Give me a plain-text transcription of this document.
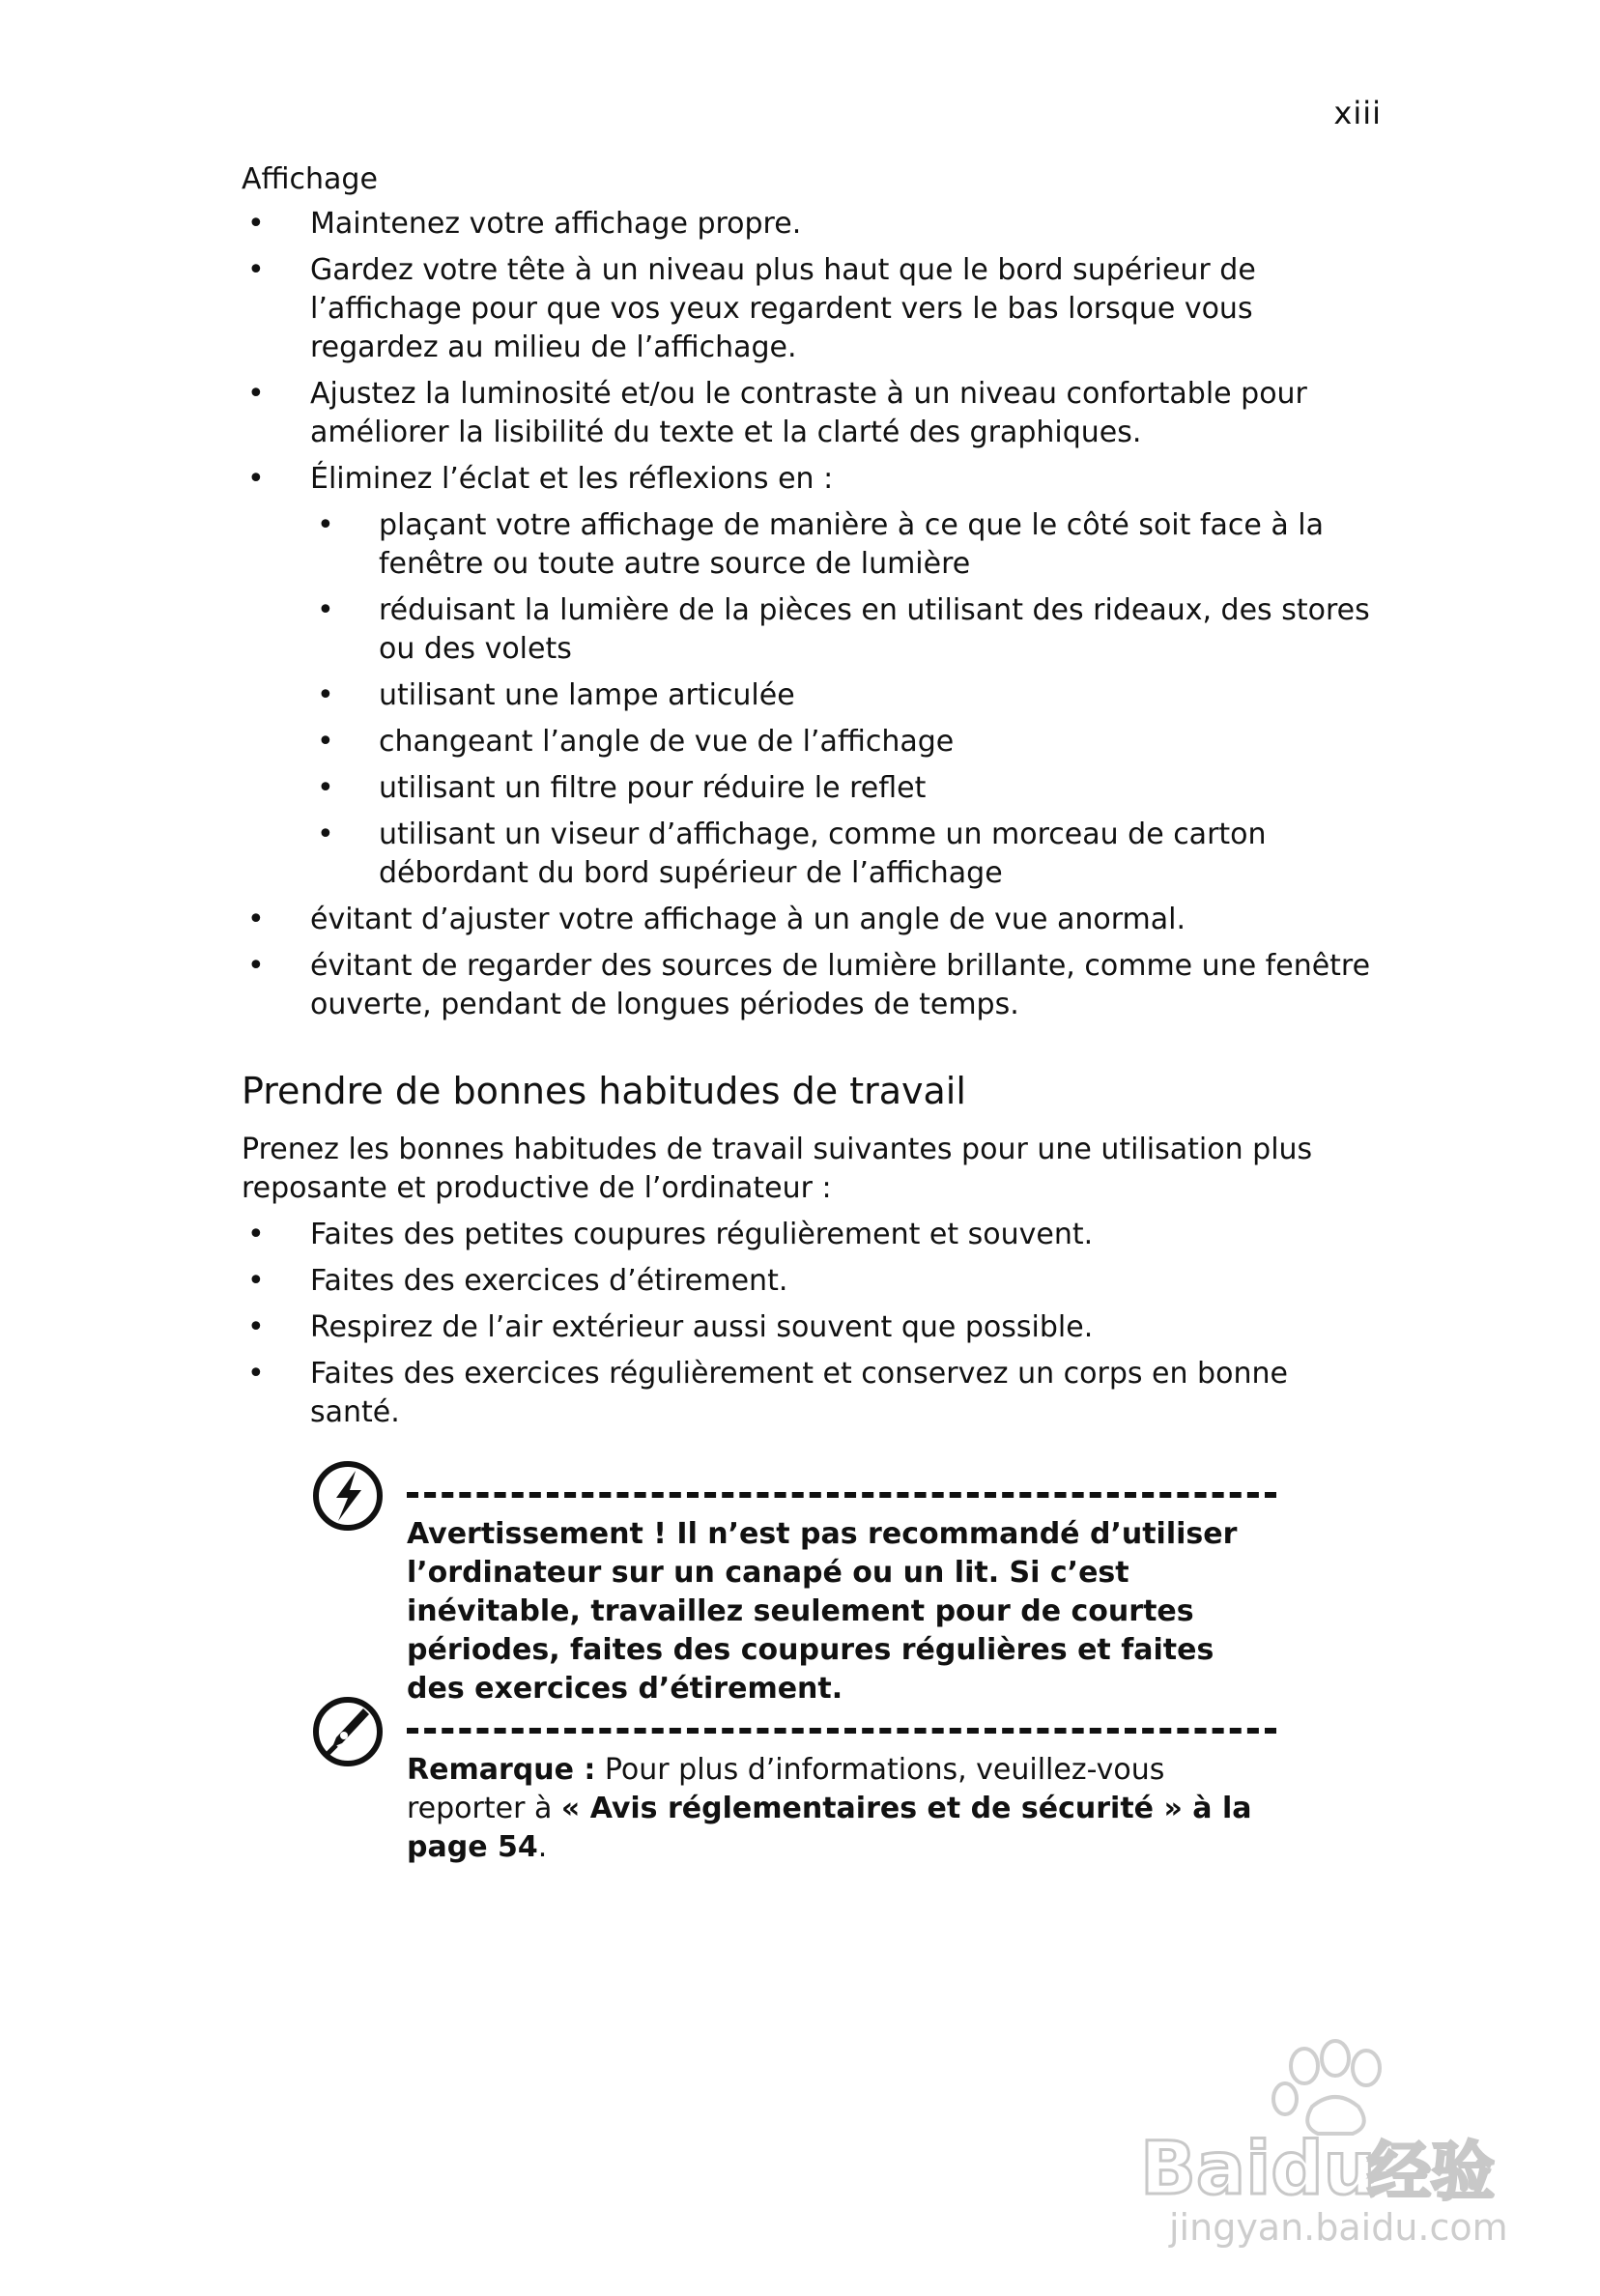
xiii
Affichage
• Maintenez votre affichage propre.
• Gardez votre tête à un niveau plus haut que le bord supérieur de l’affichage pour que vos yeux regardent vers le bas lorsque vous regardez au milieu de l’affichage.
• Ajustez la luminosité et/ou le contraste à un niveau confortable pour améliorer la lisibilité du texte et la clarté des graphiques.
• Éliminez l’éclat et les réflexions en :
• plaçant votre affichage de manière à ce que le côté soit face à la fenêtre ou toute autre source de lumière
• réduisant la lumière de la pièces en utilisant des rideaux, des stores ou des volets
• utilisant une lampe articulée
• changeant l’angle de vue de l’affichage
• utilisant un filtre pour réduire le reflet
• utilisant un viseur d’affichage, comme un morceau de carton débordant du bord supérieur de l’affichage
• évitant d’ajuster votre affichage à un angle de vue anormal.
• évitant de regarder des sources de lumière brillante, comme une fenêtre ouverte, pendant de longues périodes de temps.
Prendre de bonnes habitudes de travail
Prenez les bonnes habitudes de travail suivantes pour une utilisation plus reposante et productive de l’ordinateur :
• Faites des petites coupures régulièrement et souvent.
• Faites des exercices d’étirement.
• Respirez de l’air extérieur aussi souvent que possible.
• Faites des exercices régulièrement et conservez un corps en bonne santé.
Avertissement ! Il n’est pas recommandé d’utiliser l’ordinateur sur un canapé ou un lit. Si c’est inévitable, travaillez seulement pour de courtes périodes, faites des coupures régulières et faites des exercices d’étirement.
Remarque : Pour plus d’informations, veuillez-vous reporter à « Avis réglementaires et de sécurité » à la page 54.
Baidu
经验
jingyan.baidu.com
